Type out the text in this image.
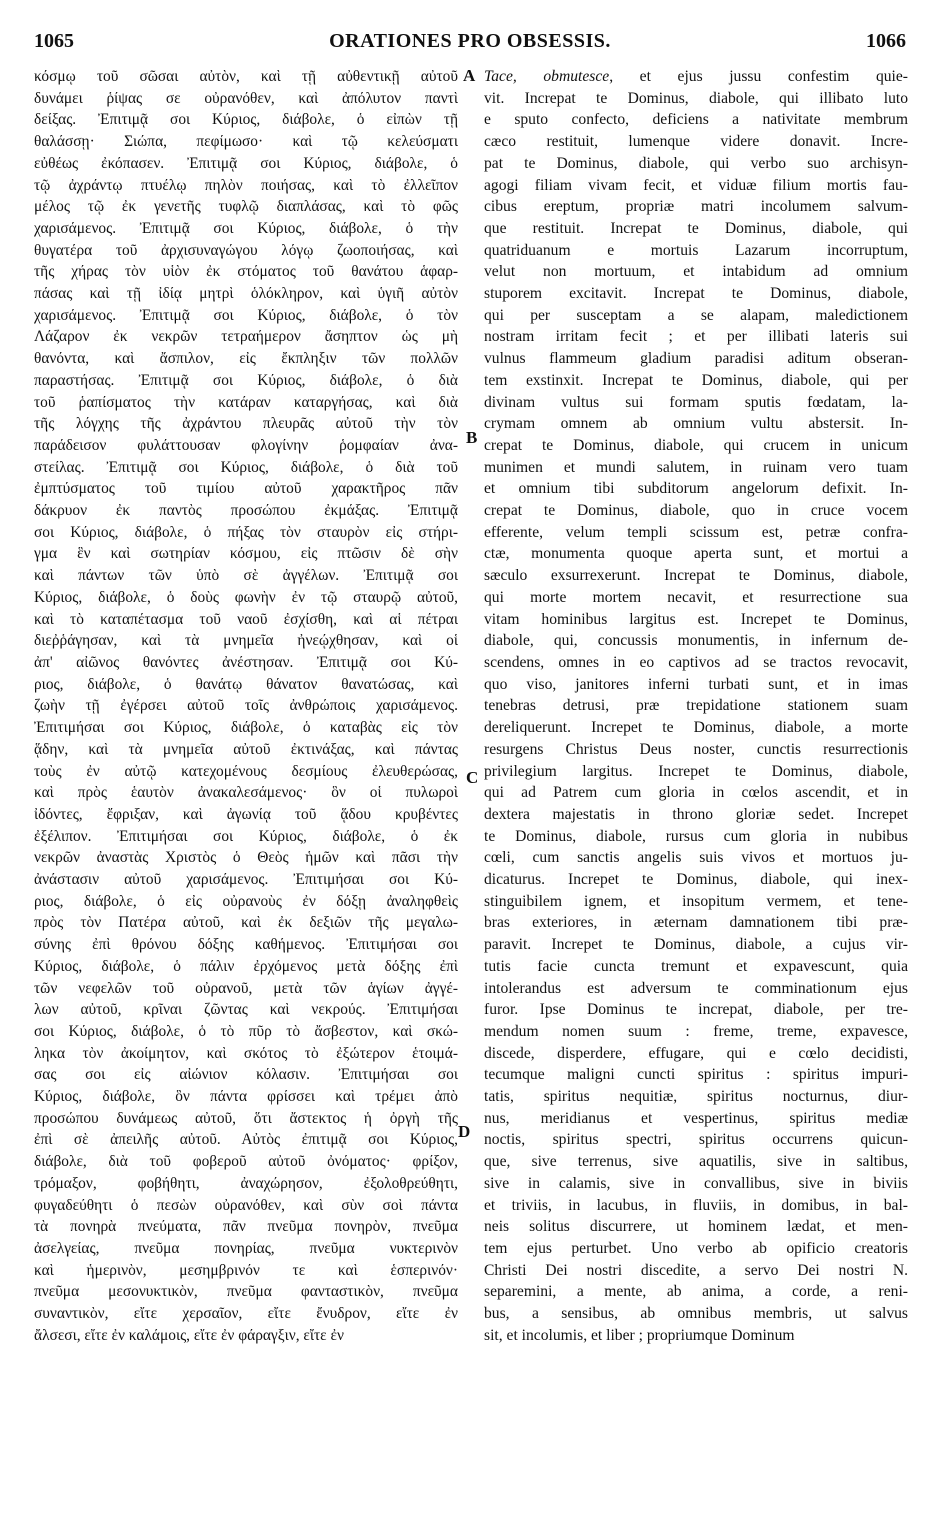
1065	ORATIONES PRO OBSESSIS.	1066
κόσμῳ τοῦ σῶσαι αὐτὸν, καὶ τῇ αὐθεντικῇ αὐτοῦ
δυνάμει ῥίψας σε οὐρανόθεν, καὶ ἀπόλυτον παντὶ
δείξας. Ἐπιτιμᾷ σοι Κύριος, διάβολε, ὁ εἰπὼν τῇ
θαλάσσῃ· Σιώπα, πεφίμωσο· καὶ τῷ κελεύσματι
εὐθέως ἐκόπασεν. Ἐπιτιμᾷ σοι Κύριος, διάβολε, ὁ
τῷ ἀχράντῳ πτυέλῳ πηλὸν ποιήσας, καὶ τὸ ἐλλεῖπον
μέλος τῷ ἐκ γενετῆς τυφλῷ διαπλάσας, καὶ τὸ φῶς
χαρισάμενος. Ἐπιτιμᾷ σοι Κύριος, διάβολε, ὁ τὴν
θυγατέρα τοῦ ἀρχισυναγώγου λόγῳ ζωοποιήσας, καὶ
τῆς χήρας τὸν υἱὸν ἐκ στόματος τοῦ θανάτου ἁφαρ-
πάσας καὶ τῇ ἰδίᾳ μητρὶ ὁλόκληρον, καὶ ὑγιῆ αὐτὸν
χαρισάμενος. Ἐπιτιμᾷ σοι Κύριος, διάβολε, ὁ τὸν
Λάζαρον ἐκ νεκρῶν τετραήμερον ἄσηπτον ὡς μὴ
θανόντα, καὶ ἄσπιλον, εἰς ἔκπληξιν τῶν πολλῶν
παραστήσας. Ἐπιτιμᾷ σοι Κύριος, διάβολε, ὁ διὰ
τοῦ ῥαπίσματος τὴν κατάραν καταργήσας, καὶ διὰ
τῆς λόγχης τῆς ἀχράντου πλευρᾶς αὐτοῦ τὴν τὸν
παράδεισον φυλάττουσαν φλογίνην ῥομφαίαν ἀνα-
στείλας. Ἐπιτιμᾷ σοι Κύριος, διάβολε, ὁ διὰ τοῦ
ἐμπτύσματος τοῦ τιμίου αὐτοῦ χαρακτῆρος πᾶν
δάκρυον ἐκ παντὸς προσώπου ἐκμάξας. Ἐπιτιμᾷ
σοι Κύριος, διάβολε, ὁ πήξας τὸν σταυρὸν εἰς στήρι-
γμα ἓν καὶ σωτηρίαν κόσμου, εἰς πτῶσιν δὲ σὴν
καὶ πάντων τῶν ὑπὸ σὲ ἀγγέλων. Ἐπιτιμᾷ σοι
Κύριος, διάβολε, ὁ δοὺς φωνὴν ἐν τῷ σταυρῷ αὐτοῦ,
καὶ τὸ καταπέτασμα τοῦ ναοῦ ἐσχίσθη, καὶ αἱ πέτραι
διεῤῥάγησαν, καὶ τὰ μνημεῖα ἠνεῴχθησαν, καὶ οἱ
ἀπ' αἰῶνος θανόντες ἀνέστησαν. Ἐπιτιμᾷ σοι Κύ-
ριος, διάβολε, ὁ θανάτῳ θάνατον θανατώσας, καὶ
ζωὴν τῇ ἐγέρσει αὐτοῦ τοῖς ἀνθρώποις χαρισάμενος.
Ἐπιτιμήσαι σοι Κύριος, διάβολε, ὁ καταβὰς εἰς τὸν
ᾅδην, καὶ τὰ μνημεῖα αὐτοῦ ἐκτινάξας, καὶ πάντας
τοὺς ἐν αὐτῷ κατεχομένους δεσμίους ἐλευθερώσας,
καὶ πρὸς ἑαυτὸν ἀνακαλεσάμενος· ὃν οἱ πυλωροὶ
ἰδόντες, ἔφριξαν, καὶ ἀγωνίᾳ τοῦ ᾅδου κρυβέντες
ἐξέλιπον. Ἐπιτιμήσαι σοι Κύριος, διάβολε, ὁ ἐκ
νεκρῶν ἀναστὰς Χριστὸς ὁ Θεὸς ἡμῶν καὶ πᾶσι τὴν
ἀνάστασιν αὐτοῦ χαρισάμενος. Ἐπιτιμήσαι σοι Κύ-
ριος, διάβολε, ὁ εἰς οὐρανοὺς ἐν δόξῃ ἀναληφθεὶς
πρὸς τὸν Πατέρα αὐτοῦ, καὶ ἐκ δεξιῶν τῆς μεγαλω-
σύνης ἐπὶ θρόνου δόξης καθήμενος. Ἐπιτιμήσαι σοι
Κύριος, διάβολε, ὁ πάλιν ἐρχόμενος μετὰ δόξης ἐπὶ
τῶν νεφελῶν τοῦ οὐρανοῦ, μετὰ τῶν ἁγίων ἀγγέ-
λων αὐτοῦ, κρῖναι ζῶντας καὶ νεκρούς. Ἐπιτιμήσαι
σοι Κύριος, διάβολε, ὁ τὸ πῦρ τὸ ἄσβεστον, καὶ σκώ-
ληκα τὸν ἀκοίμητον, καὶ σκότος τὸ ἐξώτερον ἑτοιμά-
σας σοι εἰς αἰώνιον κόλασιν. Ἐπιτιμήσαι σοι
Κύριος, διάβολε, ὃν πάντα φρίσσει καὶ τρέμει ἀπὸ
προσώπου δυνάμεως αὐτοῦ, ὅτι ἄστεκτος ἡ ὀργὴ τῆς
ἐπὶ σὲ ἀπειλῆς αὐτοῦ. Αὐτὸς ἐπιτιμᾷ σοι Κύριος,
διάβολε, διὰ τοῦ φοβεροῦ αὐτοῦ ὀνόματος· φρίξον,
τρόμαξον, φοβήθητι, ἀναχώρησον, ἐξολοθρεύθητι,
φυγαδεύθητι ὁ πεσὼν οὐρανόθεν, καὶ σὺν σοὶ πάντα
τὰ πονηρὰ πνεύματα, πᾶν πνεῦμα πονηρὸν, πνεῦμα
ἀσελγείας, πνεῦμα πονηρίας, πνεῦμα νυκτερινὸν
καὶ ἡμερινὸν, μεσημβρινόν τε καὶ ἑσπερινόν·
πνεῦμα μεσονυκτικὸν, πνεῦμα φανταστικὸν, πνεῦμα
συναντικὸν, εἴτε χερσαῖον, εἴτε ἔνυδρον, εἴτε ἐν
ἄλσεσι, εἴτε ἐν καλάμοις, εἴτε ἐν φάραγξιν, εἴτε ἐν
Tace, obmutesce, et ejus jussu confestim quie-
vit. Increpat te Dominus, diabole, qui illibato luto
e sputo confecto, deficiens a nativitate membrum
cæco restituit, lumenque videre donavit. Incre-
pat te Dominus, diabole, qui verbo suo archisyn-
agogi filiam vivam fecit, et viduæ filium mortis fau-
cibus ereptum, propriæ matri incolumem salvum-
que restituit. Increpat te Dominus, diabole, qui
quatriduanum e mortuis Lazarum incorruptum,
velut non mortuum, et intabidum ad omnium
stuporem excitavit. Increpat te Dominus, diabole,
qui per susceptam a se alapam, maledictionem
nostram irritam fecit ; et per illibati lateris sui
vulnus flammeum gladium paradisi aditum obseran-
tem exstinxit. Increpat te Dominus, diabole, qui per
divinam vultus sui formam sputis fœdatam, la-
crymam omnem ab omnium vultu abstersit. In-
crepat te Dominus, diabole, qui crucem in unicum
munimen et mundi salutem, in ruinam vero tuam
et omnium tibi subditorum angelorum defixit. In-
crepat te Dominus, diabole, quo in cruce vocem
efferente, velum templi scissum est, petræ confra-
ctæ, monumenta quoque aperta sunt, et mortui a
sæculo exsurrexerunt. Increpat te Dominus, diabole,
qui morte mortem necavit, et resurrectione sua
vitam hominibus largitus est. Increpet te Dominus,
diabole, qui, concussis monumentis, in infernum de-
scendens, omnes in eo captivos ad se tractos revocavit,
quo viso, janitores inferni turbati sunt, et in imas
tenebras detrusi, præ trepidatione stationem suam
dereliquerunt. Increpet te Dominus, diabole, a morte
resurgens Christus Deus noster, cunctis resurrectionis
privilegium largitus. Increpet te Dominus, diabole,
qui ad Patrem cum gloria in cœlos ascendit, et in
dextera majestatis in throno gloriæ sedet. Increpet
te Dominus, diabole, rursus cum gloria in nubibus
cœli, cum sanctis angelis suis vivos et mortuos ju-
dicaturus. Increpet te Dominus, diabole, qui inex-
stinguibilem ignem, et insopitum vermem, et tene-
bras exteriores, in æternam damnationem tibi præ-
paravit. Increpet te Dominus, diabole, a cujus vir-
tutis facie cuncta tremunt et expavescunt, quia
intolerandus est adversum te comminationum ejus
furor. Ipse Dominus te increpat, diabole, per tre-
mendum nomen suum : freme, treme, expavesce,
discede, disperdere, effugare, qui e cœlo decidisti,
tecumque maligni cuncti spiritus : spiritus impuri-
tatis, spiritus nequitiæ, spiritus nocturnus, diur-
nus, meridianus et vespertinus, spiritus mediæ
noctis, spiritus spectri, spiritus occurrens quicun-
que, sive terrenus, sive aquatilis, sive in saltibus,
sive in calamis, sive in convallibus, sive in biviis
et triviis, in lacubus, in fluviis, in domibus, in bal-
neis solitus discurrere, ut hominem lædat, et men-
tem ejus perturbet. Uno verbo ab opificio creatoris
Christi Dei nostri discedite, a servo Dei nostri N.
separemini, a mente, ab anima, a corde, a reni-
bus, a sensibus, ab omnibus membris, ut salvus
sit, et incolumis, et liber ; propriumque Dominum
A
B
C
D
